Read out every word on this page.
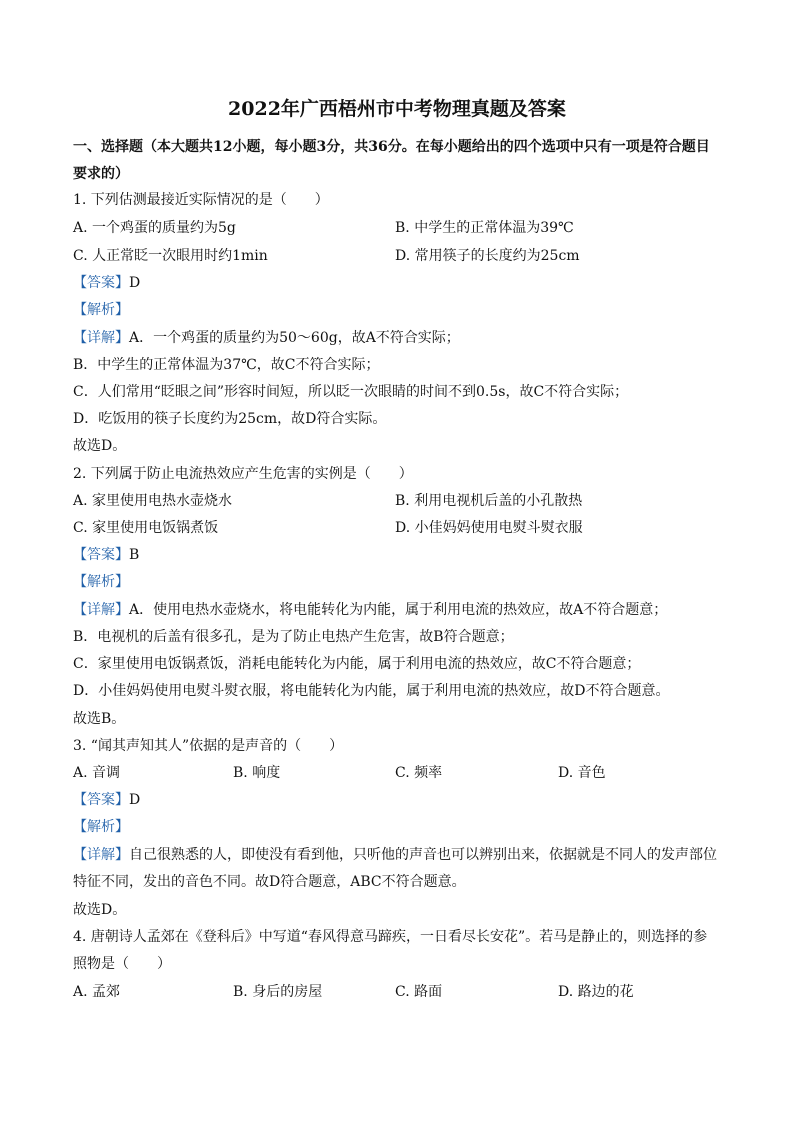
2022年广西梧州市中考物理真题及答案
一、选择题（本大题共12小题，每小题3分，共36分。在每小题给出的四个选项中只有一项是符合题目
要求的）
1. 下列估测最接近实际情况的是（　　）
A. 一个鸡蛋的质量约为5g	B. 中学生的正常体温为39℃
C. 人正常眨一次眼用时约1min	D. 常用筷子的长度约为25cm
【答案】D
【解析】
【详解】A．一个鸡蛋的质量约为50～60g，故A不符合实际；
B．中学生的正常体温为37℃，故C不符合实际；
C．人们常用“眨眼之间”形容时间短，所以眨一次眼睛的时间不到0.5s，故C不符合实际；
D．吃饭用的筷子长度约为25cm，故D符合实际。
故选D。
2. 下列属于防止电流热效应产生危害的实例是（　　）
A. 家里使用电热水壶烧水	B. 利用电视机后盖的小孔散热
C. 家里使用电饭锅煮饭	D. 小佳妈妈使用电熨斗熨衣服
【答案】B
【解析】
【详解】A．使用电热水壶烧水，将电能转化为内能，属于利用电流的热效应，故A不符合题意；
B．电视机的后盖有很多孔，是为了防止电热产生危害，故B符合题意；
C．家里使用电饭锅煮饭，消耗电能转化为内能，属于利用电流的热效应，故C不符合题意；
D．小佳妈妈使用电熨斗熨衣服，将电能转化为内能，属于利用电流的热效应，故D不符合题意。
故选B。
3. “闻其声知其人”依据的是声音的（　　）
A. 音调	B. 响度	C. 频率	D. 音色
【答案】D
【解析】
【详解】自己很熟悉的人，即使没有看到他，只听他的声音也可以辨别出来，依据就是不同人的发声部位
特征不同，发出的音色不同。故D符合题意，ABC不符合题意。
故选D。
4. 唐朝诗人孟郊在《登科后》中写道“春风得意马蹄疾，一日看尽长安花”。若马是静止的，则选择的参
照物是（　　）
A. 孟郊	B. 身后的房屋	C. 路面	D. 路边的花
